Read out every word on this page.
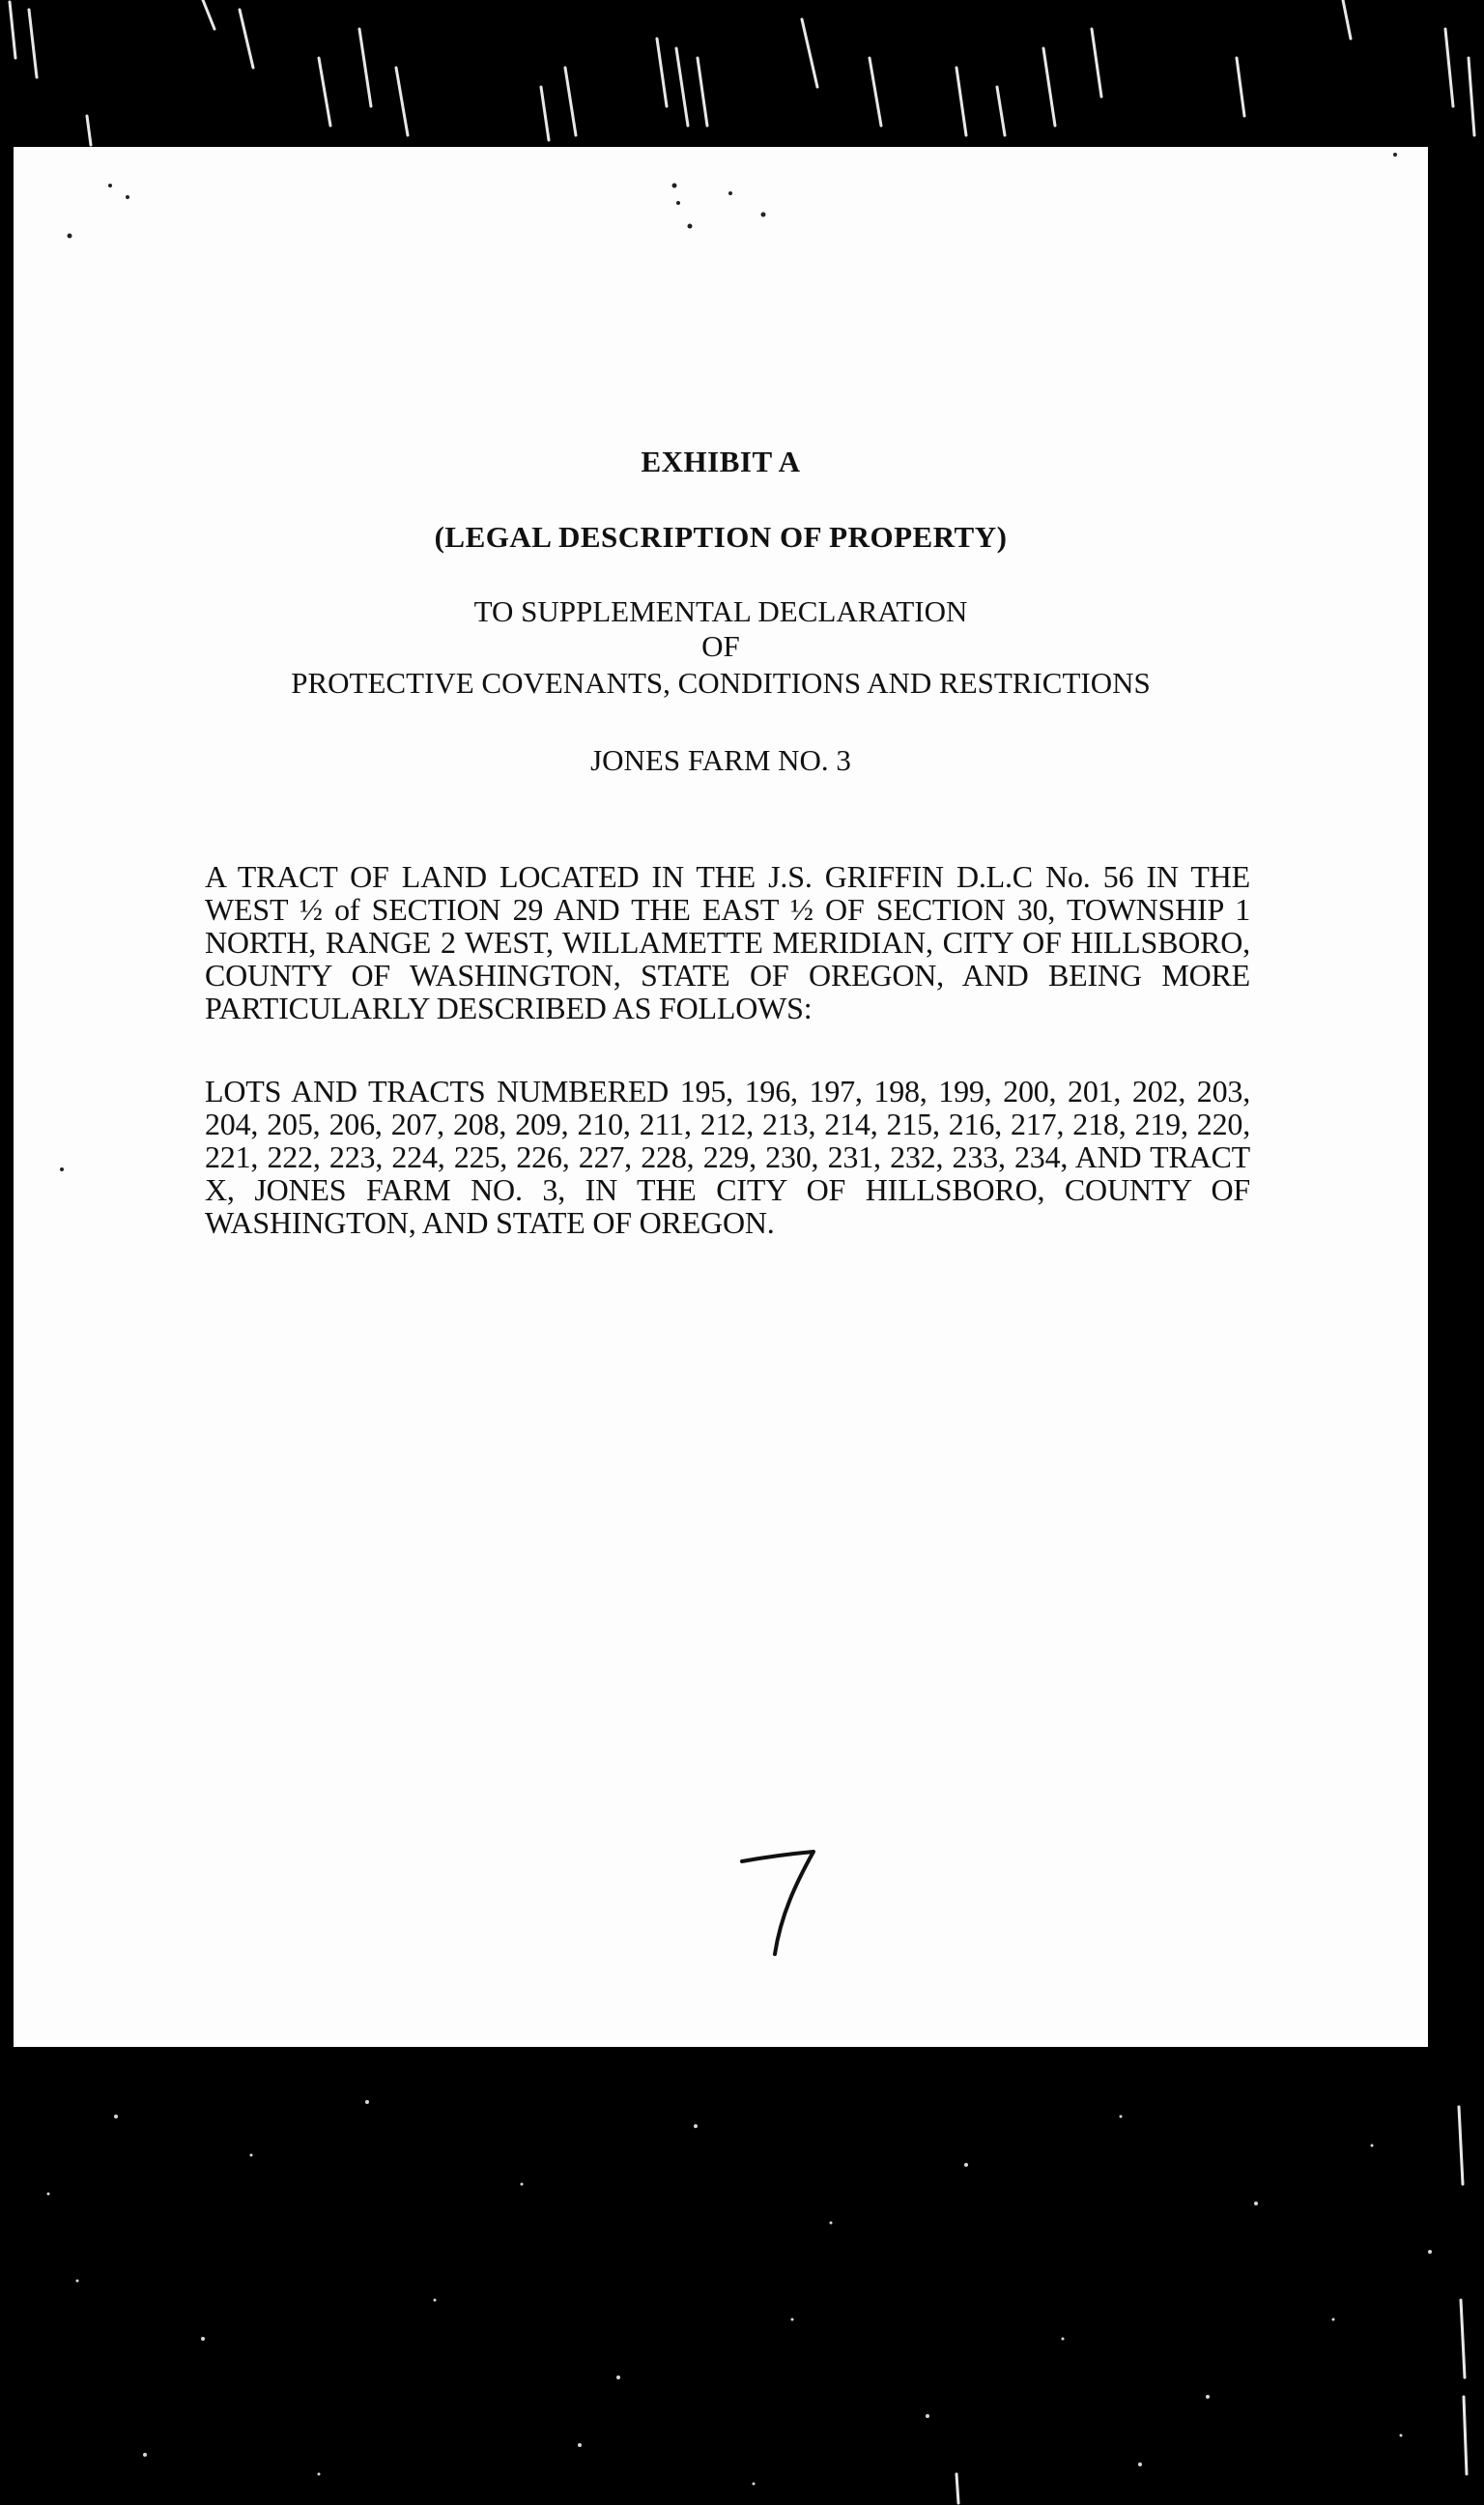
EXHIBIT A
(LEGAL DESCRIPTION OF PROPERTY)
TO SUPPLEMENTAL DECLARATION
OF
PROTECTIVE COVENANTS, CONDITIONS AND RESTRICTIONS
JONES FARM NO. 3
A TRACT OF LAND LOCATED IN THE J.S. GRIFFIN D.L.C No. 56 IN THE WEST ½ of SECTION 29 AND THE EAST ½ OF SECTION 30, TOWNSHIP 1 NORTH, RANGE 2 WEST, WILLAMETTE MERIDIAN, CITY OF HILLSBORO, COUNTY OF WASHINGTON, STATE OF OREGON, AND BEING MORE PARTICULARLY DESCRIBED AS FOLLOWS:
LOTS AND TRACTS NUMBERED 195, 196, 197, 198, 199, 200, 201, 202, 203, 204, 205, 206, 207, 208, 209, 210, 211, 212, 213, 214, 215, 216, 217, 218, 219, 220, 221, 222, 223, 224, 225, 226, 227, 228, 229, 230, 231, 232, 233, 234, AND TRACT X, JONES FARM NO. 3, IN THE CITY OF HILLSBORO, COUNTY OF WASHINGTON, AND STATE OF OREGON.
7
